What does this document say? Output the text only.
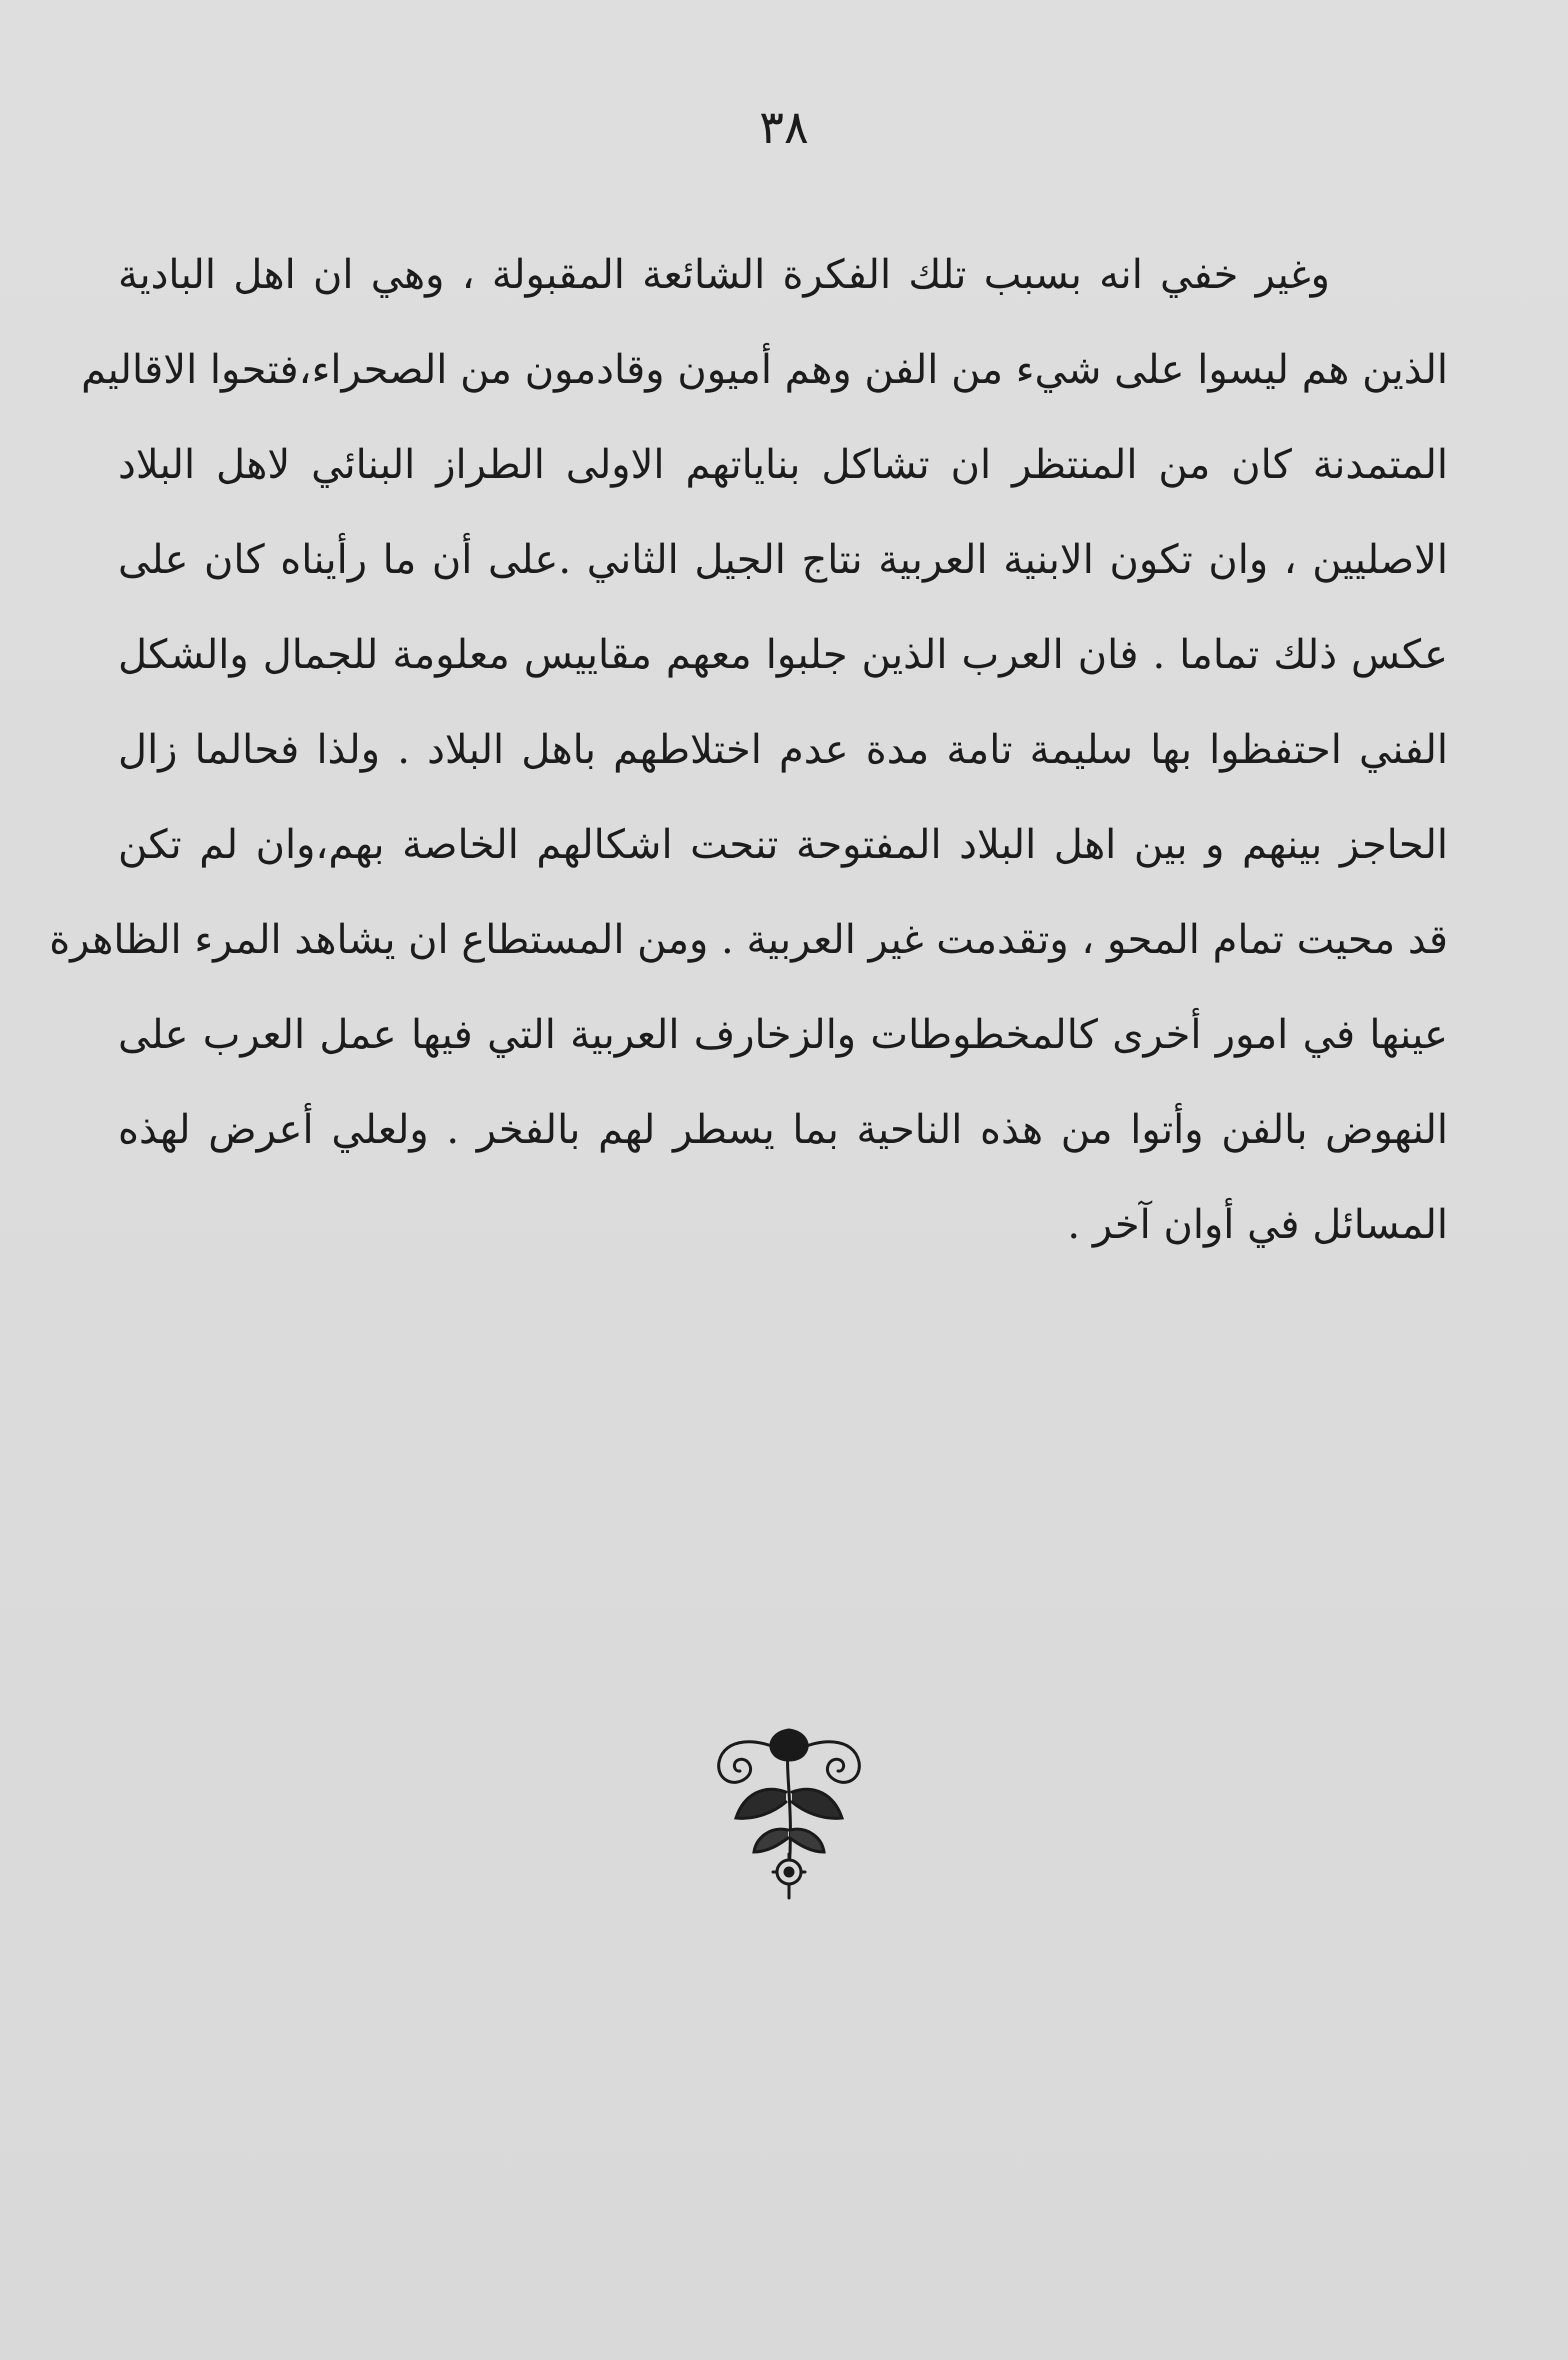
٣٨
وغير خفي انه بسبب تلك الفكرة الشائعة المقبولة ، وهي ان اهل البادية
الذين هم ليسوا على شيء من الفن وهم أميون وقادمون من الصحراء،فتحوا الاقاليم
المتمدنة كان من المنتظر ان تشاكل بناياتهم الاولى الطراز البنائي لاهل البلاد
الاصليين ، وان تكون الابنية العربية نتاج الجيل الثاني .على أن ما رأيناه كان على
عكس ذلك تماما . فان العرب الذين جلبوا معهم مقاييس معلومة للجمال والشكل
الفني احتفظوا بها سليمة تامة مدة عدم اختلاطهم باهل البلاد . ولذا فحالما زال
الحاجز بينهم و بين اهل البلاد المفتوحة تنحت اشكالهم الخاصة بهم،وان لم تكن
قد محيت تمام المحو ، وتقدمت غير العربية . ومن المستطاع ان يشاهد المرء الظاهرة
عينها في امور أخرى كالمخطوطات والزخارف العربية التي فيها عمل العرب على
النهوض بالفن وأتوا من هذه الناحية بما يسطر لهم بالفخر . ولعلي أعرض لهذه
المسائل في أوان آخر .
